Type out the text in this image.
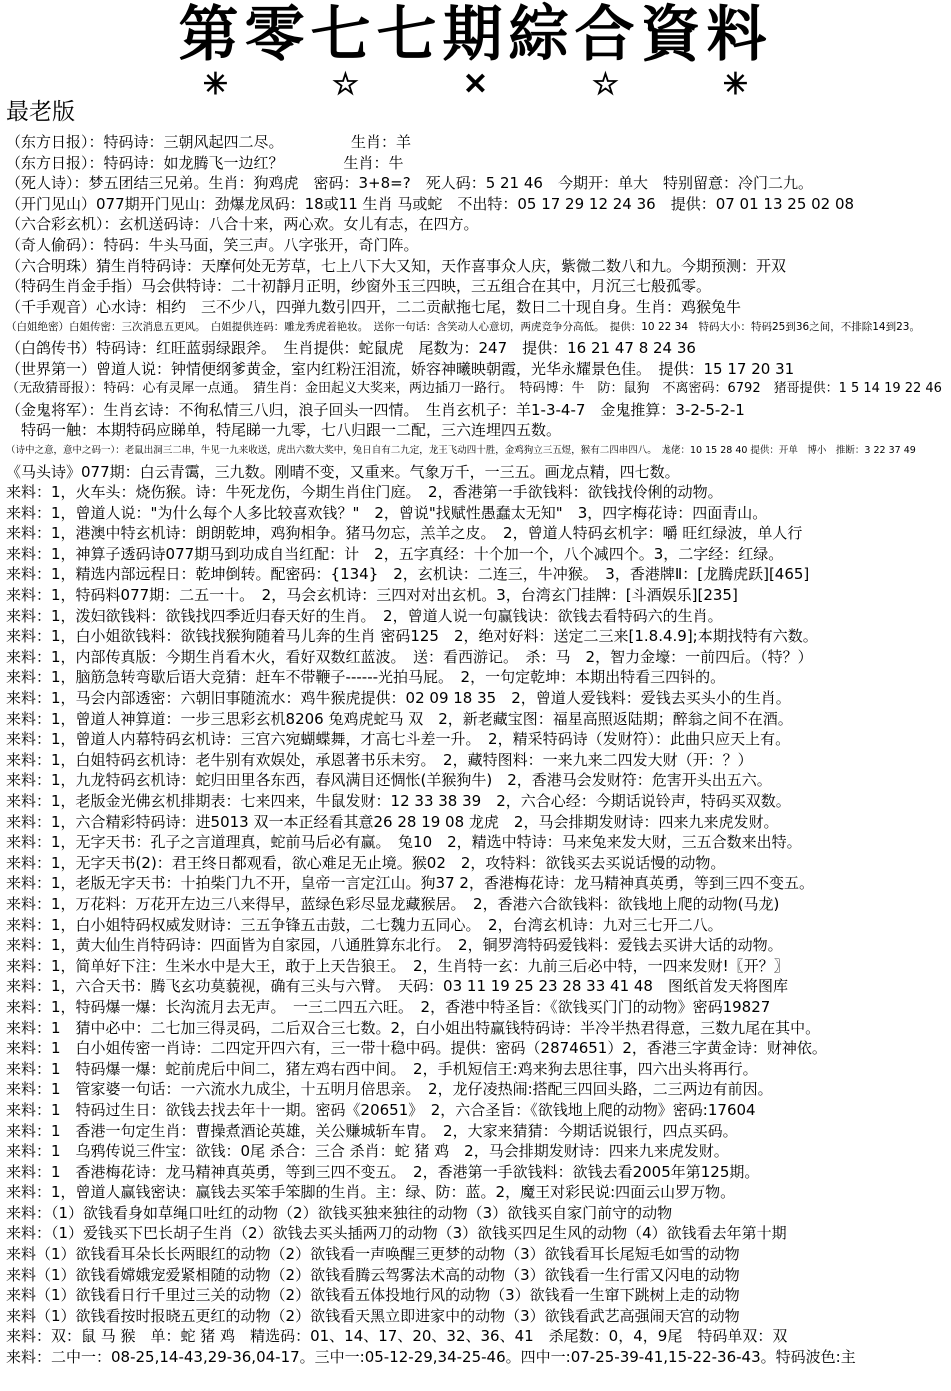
第零七七期綜合資料
✳	☆	✕	☆	✳
最老版
（东方日报）：特码诗：三朝风起四二尽。　　　　　生肖：羊
（东方日报）：特码诗：如龙腾飞一边红？　　　　生肖：牛
（死人诗）：梦五团结三兄弟。生肖：狗鸡虎　密码：3+8=?　死人码：5 21 46　今期开：单大　特别留意：冷门二九。
（开门见山）077期开门见山：劲爆龙凤码：18或11 生肖 马或蛇　不出特：05 17 29 12 24 36　提供：07 01 13 25 02 08
（六合彩玄机）：玄机送码诗：八合十来，两心欢。女儿有志，在四方。
（奇人偷码）：特码：牛头马面，笑三声。八字张开，奇门阵。
（六合明珠）猜生肖特码诗：天摩何处无芳草，七上八下大又知，天作喜事众人庆，紫微二数八和九。今期预测：开双
（特码生肖金手指）马会供特诗：二十初靜月正明，纱窗外玉三四映，三五组合在其中，月沉三七般孤零。
（千手观音）心水诗：相约　三不少八，四弹九数引四开，二二贡献拖七尾，数日二十现自身。生肖：鸡猴兔牛
（白姐绝密）白姐传密：三次消息五更风。　白姐提供连码：雕龙秀虎着艳妆。　送你一句话：含笑动人心意切，两虎竞争分高低。　提供：10 22 34　特码大小：特码25到36之间，不排除14到23。
（白鸽传书）特码诗：红旺蓝弱绿跟斧。　生肖提供：蛇鼠虎　尾数为：247　提供：16 21 47 8 24 36
（世界第一）曾道人说：钟情便纲爹黄金，室内红粉汪泪流，娇容神曦映朝霞，光华永耀景色佳。　提供：15 17 20 31
（无敌猜哥报）：特码：心有灵犀一点通。　猜生肖：金田起义大奖来，两边插刀一路行。　特码博：牛　防：鼠狗　不离密码：6792　猪哥提供：1 5 14 19 22 46
（金鬼将军）：生肖玄诗：不徇私情三八归，浪子回头一四情。　生肖玄机子：羊1-3-4-7　金鬼推算：3-2-5-2-1
　特码一触：本期特码应睇单，特尾睇一九零，七八归跟一二配，三六连埋四五数。
（诗中之意，意中之码一）：老鼠出洞三二串，牛见一九来收送，虎出六数大奖中，兔日自有二九定，龙王飞动四十胜，金鸡狗立三五煜，猴有二四串四八。　尨佬：10 15 28 40 提供：开单　博小　推断：3 22 37 49
《马头诗》077期：白云青霭，三九数。刚晴不变，又重来。气象万千，一三五。画龙点精，四七数。
来料：1，火车头：烧伤猴。诗：牛死龙伤，今期生肖住门庭。　2，香港第一手欲钱料：欲钱找伶俐的动物。
来料：1，曾道人说："为什么每个人多比较喜欢钱？"　2，曾说"找赋性愚蠢太无知"　3，四字梅花诗：四面青山。
来料：1，港澳中特玄机诗：朗朗乾坤，鸡狗相争。猪马勿忘，羔羊之皮。　2，曾道人特码玄机字：嚼 旺红绿波，单人行
来料：1，神算子透码诗077期马到功成自当红配：计　2，五字真经：十个加一个，八个减四个。3，二字经：红绿。
来料：1，精选内部远程日：乾坤倒转。配密码：{134}　2，玄机诀：二连三，牛冲猴。　3，香港牌Ⅱ：[龙腾虎跃][465]
来料：1，特码料077期：二五一十。　2，马会玄机诗：三四对对出玄机。3，台湾玄门挂牌：[斗酒娱乐][235]
来料：1，泼妇欲钱料：欲钱找四季近归春天好的生肖。　2，曾道人说一句赢钱诀：欲钱去看特码六的生肖。
来料：1，白小姐欲钱料：欲钱找猴狗随着马儿奔的生肖 密码125　2，绝对好料：送定二三来[1.8.4.9];本期找特有六数。
来料：1，内部传真版：今期生肖看木火，看好双数红蓝波。　送：看西游记。　杀：马　2，智力金壕：一前四后。（特？）
来料：1，脑筋急转弯歇后语大竞猜：赶车不带鞭子------光拍马屁。　2，一句定乾坤：本期出特看三四钭的。
来料：1，马会内部透密：六朝旧事随流水：鸡牛猴虎提供：02 09 18 35　2，曾道人爱钱料：爱钱去买头小的生肖。
来料：1，曾道人神算道：一步三思彩玄机8206 兔鸡虎蛇马 双　2，新老藏宝图：福星高照返陆期；醉翁之间不在酒。
来料：1，曾道人内幕特码玄机诗：三宫六宛蝴蝶舞，才高七斗差一升。　2，精采特码诗（发财符）：此曲只应天上有。
来料：1，白姐特码玄机诗：老牛别有欢娱处，承恩著书乐未穷。　2，藏特图料：一来九来二四发大财（开：？）
来料：1，九龙特码玄机诗：蛇归田里各东西，春风满目还惆怅(羊猴狗牛)　2，香港马会发财符：危害开头出五六。
来料：1，老版金光佛玄机排期表：七来四来，牛鼠发财：12 33 38 39　2，六合心经：今期话说铃声，特码买双数。
来料：1，六合精彩特码诗：进5013 双一本正经看其意26 28 19 08 龙虎　2，马会排期发财诗：四来九来虎发财。
来料：1，无字天书：孔子之言道理真，蛇前马后必有赢。　兔10　2，精选中特诗：马来兔来发大财，三五合数来出特。
来料：1，无字天书(2)：君王终日都观看，欲心难足无止境。猴02　2，攻特料：欲钱买去买说话慢的动物。
来料：1，老版无字天书：十拍柴门九不开，皇帝一言定江山。狗37 2，香港梅花诗：龙马精神真英勇，等到三四不变五。
来料：1，万花料：万花开左边三八来得早，蓝绿色彩尽显龙藏猴居。　2，香港六合欲钱料：欲钱地上爬的动物(马龙)
来料：1，白小姐特码权威发财诗：三五争锋五击鼓，二七魏力五同心。　2，台湾玄机诗：九对三七开二八。
来料：1，黄大仙生肖特码诗：四面皆为自家园，八通胜算东北行。　2，铜罗湾特码爱钱料：爱钱去买讲大话的动物。
来料：1，简单好下注：生米水中是大王，敢于上天告狼王。　2，生肖特一玄：九前三后必中特，一四来发财!〖开？〗
来料：1，六合天书：腾飞玄功莫藐视，确有三头与六臂。　天码：03 11 19 25 23 28 33 41 48　图纸首发天将图库
来料：1，特码爆一爆：长沟流月去无声。　一三二四五六旺。　2，香港中特圣旨：《欲钱买门门的动物》密码19827
来料：1　猜中必中：二七加三得灵码，二后双合三七数。2，白小姐出特赢钱特码诗：半冷半热君得意，三数九尾在其中。
来料：1　白小姐传密一肖诗：二四定开四六有，三一带十稳中码。提供：密码（2874651）2，香港三字黄金诗：财神依。
来料：1　特码爆一爆：蛇前虎后中间二，猪左鸡右西中间。　2，手机短信王:鸡来狗去思往事，四六出头将再行。
来料：1　管家婆一句话：一六流水九成尘，十五明月倍思亲。　2，龙仔凌热闹:搭配三四回头路，二三两边有前因。
来料：1　特码过生日：欲钱去找去年十一期。密码《20651》　2，六合圣旨：《欲钱地上爬的动物》密码:17604
来料：1　香港一句定生肖：曹操煮酒论英雄，关公赚城斩车胄。　2，大家来猜猜：今期话说银行，四点买码。
来料：1　乌鸦传说三件宝：欲钱：0尾 杀合：三合 杀肖：蛇 猪 鸡　2，马会排期发财诗：四来九来虎发财。
来料：1　香港梅花诗：龙马精神真英勇，等到三四不变五。　2，香港第一手欲钱料：欲钱去看2005年第125期。
来料：1，曾道人赢钱密诀：赢钱去买笨手笨脚的生肖。主：绿、防：蓝。2，魔王对彩民说:四面云山罗万物。
来料：（1）欲钱看身如草绳口吐红的动物（2）欲钱买独来独往的动物（3）欲钱买自家门前守的动物
来料：（1）爱钱买下巴长胡子生肖（2）欲钱去买头插两刀的动物（3）欲钱买四足生风的动物（4）欲钱看去年第十期
来料（1）欲钱看耳朵长长两眼红的动物（2）欲钱看一声唤醒三更梦的动物（3）欲钱看耳长尾短毛如雪的动物
来料（1）欲钱看嫦娥宠爱紧相随的动物（2）欲钱看腾云驾雾法术高的动物（3）欲钱看一生行雷又闪电的动物
来料（1）欲钱看日行千里过三关的动物（2）欲钱看五体投地行风的动物（3）欲钱看一生窜下跳树上走的动物
来料（1）欲钱看按时报晓五更红的动物（2）欲钱看天黑立即进家中的动物（3）欲钱看武艺高强闹天宫的动物
来料：双：鼠 马 猴　单：蛇 猪 鸡　精选码：01、14、17、20、32、36、41　杀尾数：0，4，9尾　特码单双：双
来料：二中一：08-25,14-43,29-36,04-17。三中一:05-12-29,34-25-46。四中一:07-25-39-41,15-22-36-43。特码波色:主
